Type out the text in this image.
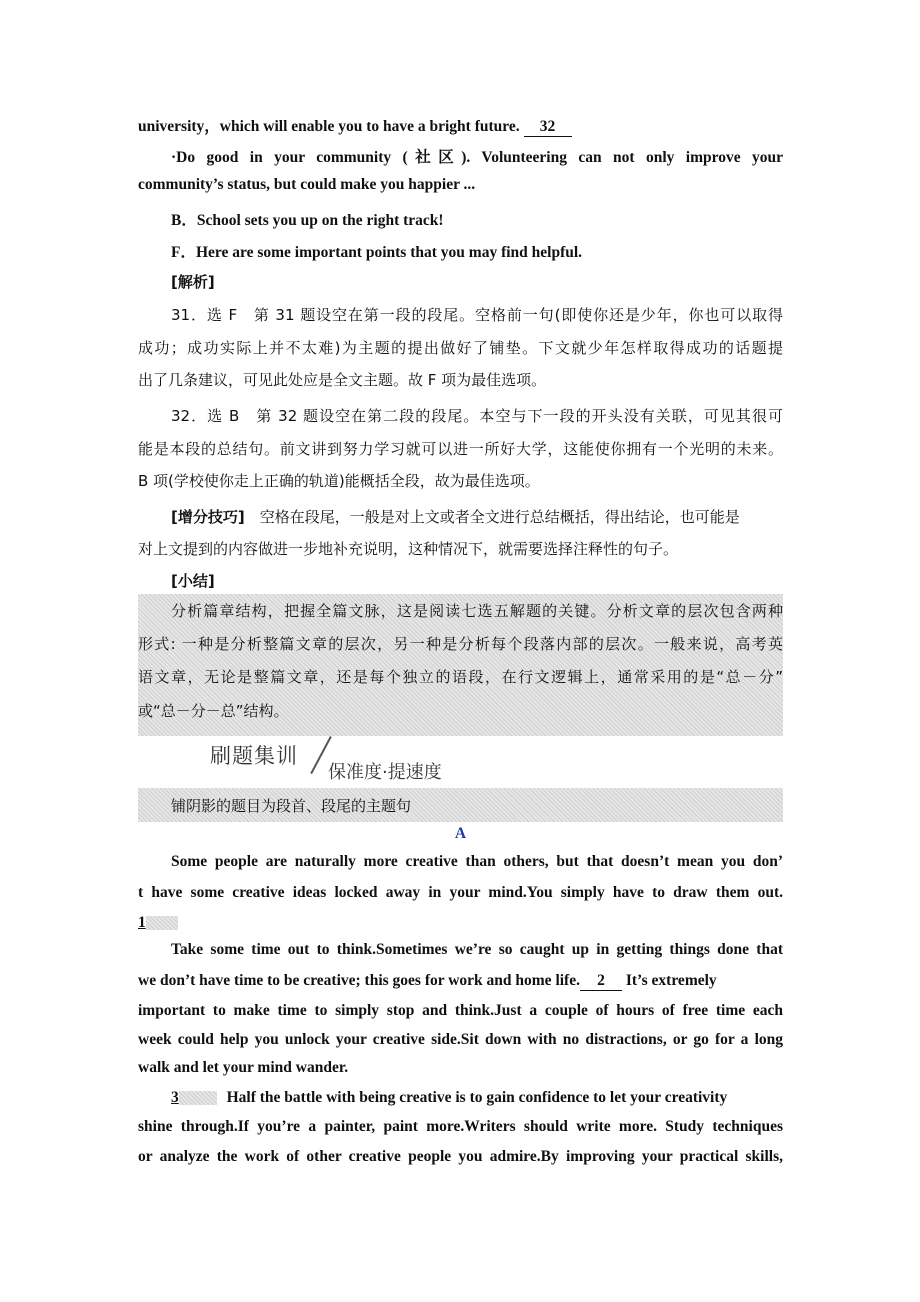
university，which will enable you to have a bright future. 32
·Do good in your community (社区). Volunteering can not only improve your
community’s status, but could make you happier ...
B．School sets you up on the right track!
F．Here are some important points that you may find helpful.
[解析]
31．选 F　第 31 题设空在第一段的段尾。空格前一句(即使你还是少年，你也可以取得
成功；成功实际上并不太难)为主题的提出做好了铺垫。下文就少年怎样取得成功的话题提
出了几条建议，可见此处应是全文主题。故 F 项为最佳选项。
32．选 B　第 32 题设空在第二段的段尾。本空与下一段的开头没有关联，可见其很可
能是本段的总结句。前文讲到努力学习就可以进一所好大学，这能使你拥有一个光明的未来。
B 项(学校使你走上正确的轨道)能概括全段，故为最佳选项。
[增分技巧]　空格在段尾，一般是对上文或者全文进行总结概括，得出结论，也可能是
对上文提到的内容做进一步地补充说明，这种情况下，就需要选择注释性的句子。
[小结]
分析篇章结构，把握全篇文脉，这是阅读七选五解题的关键。分析文章的层次包含两种
形式: 一种是分析整篇文章的层次，另一种是分析每个段落内部的层次。一般来说，高考英
语文章，无论是整篇文章，还是每个独立的语段，在行文逻辑上，通常采用的是“总－分”
或“总－分－总”结构。
刷题集训
保准度·提速度
铺阴影的题目为段首、段尾的主题句
A
Some people are naturally more creative than others, but that doesn’t mean you don’
t have some creative ideas locked away in your mind.You simply have to draw them out.
1
Take some time out to think.Sometimes we’re so caught up in getting things done that
we don’t have time to be creative; this goes for work and home life. 2 It’s extremely
important to make time to simply stop and think.Just a couple of hours of free time each
week could help you unlock your creative side.Sit down with no distractions, or go for a long
walk and let your mind wander.
3	Half the battle with being creative is to gain confidence to let your creativity
shine through.If you’re a painter, paint more.Writers should write more. Study techniques
or analyze the work of other creative people you admire.By improving your practical skills,
